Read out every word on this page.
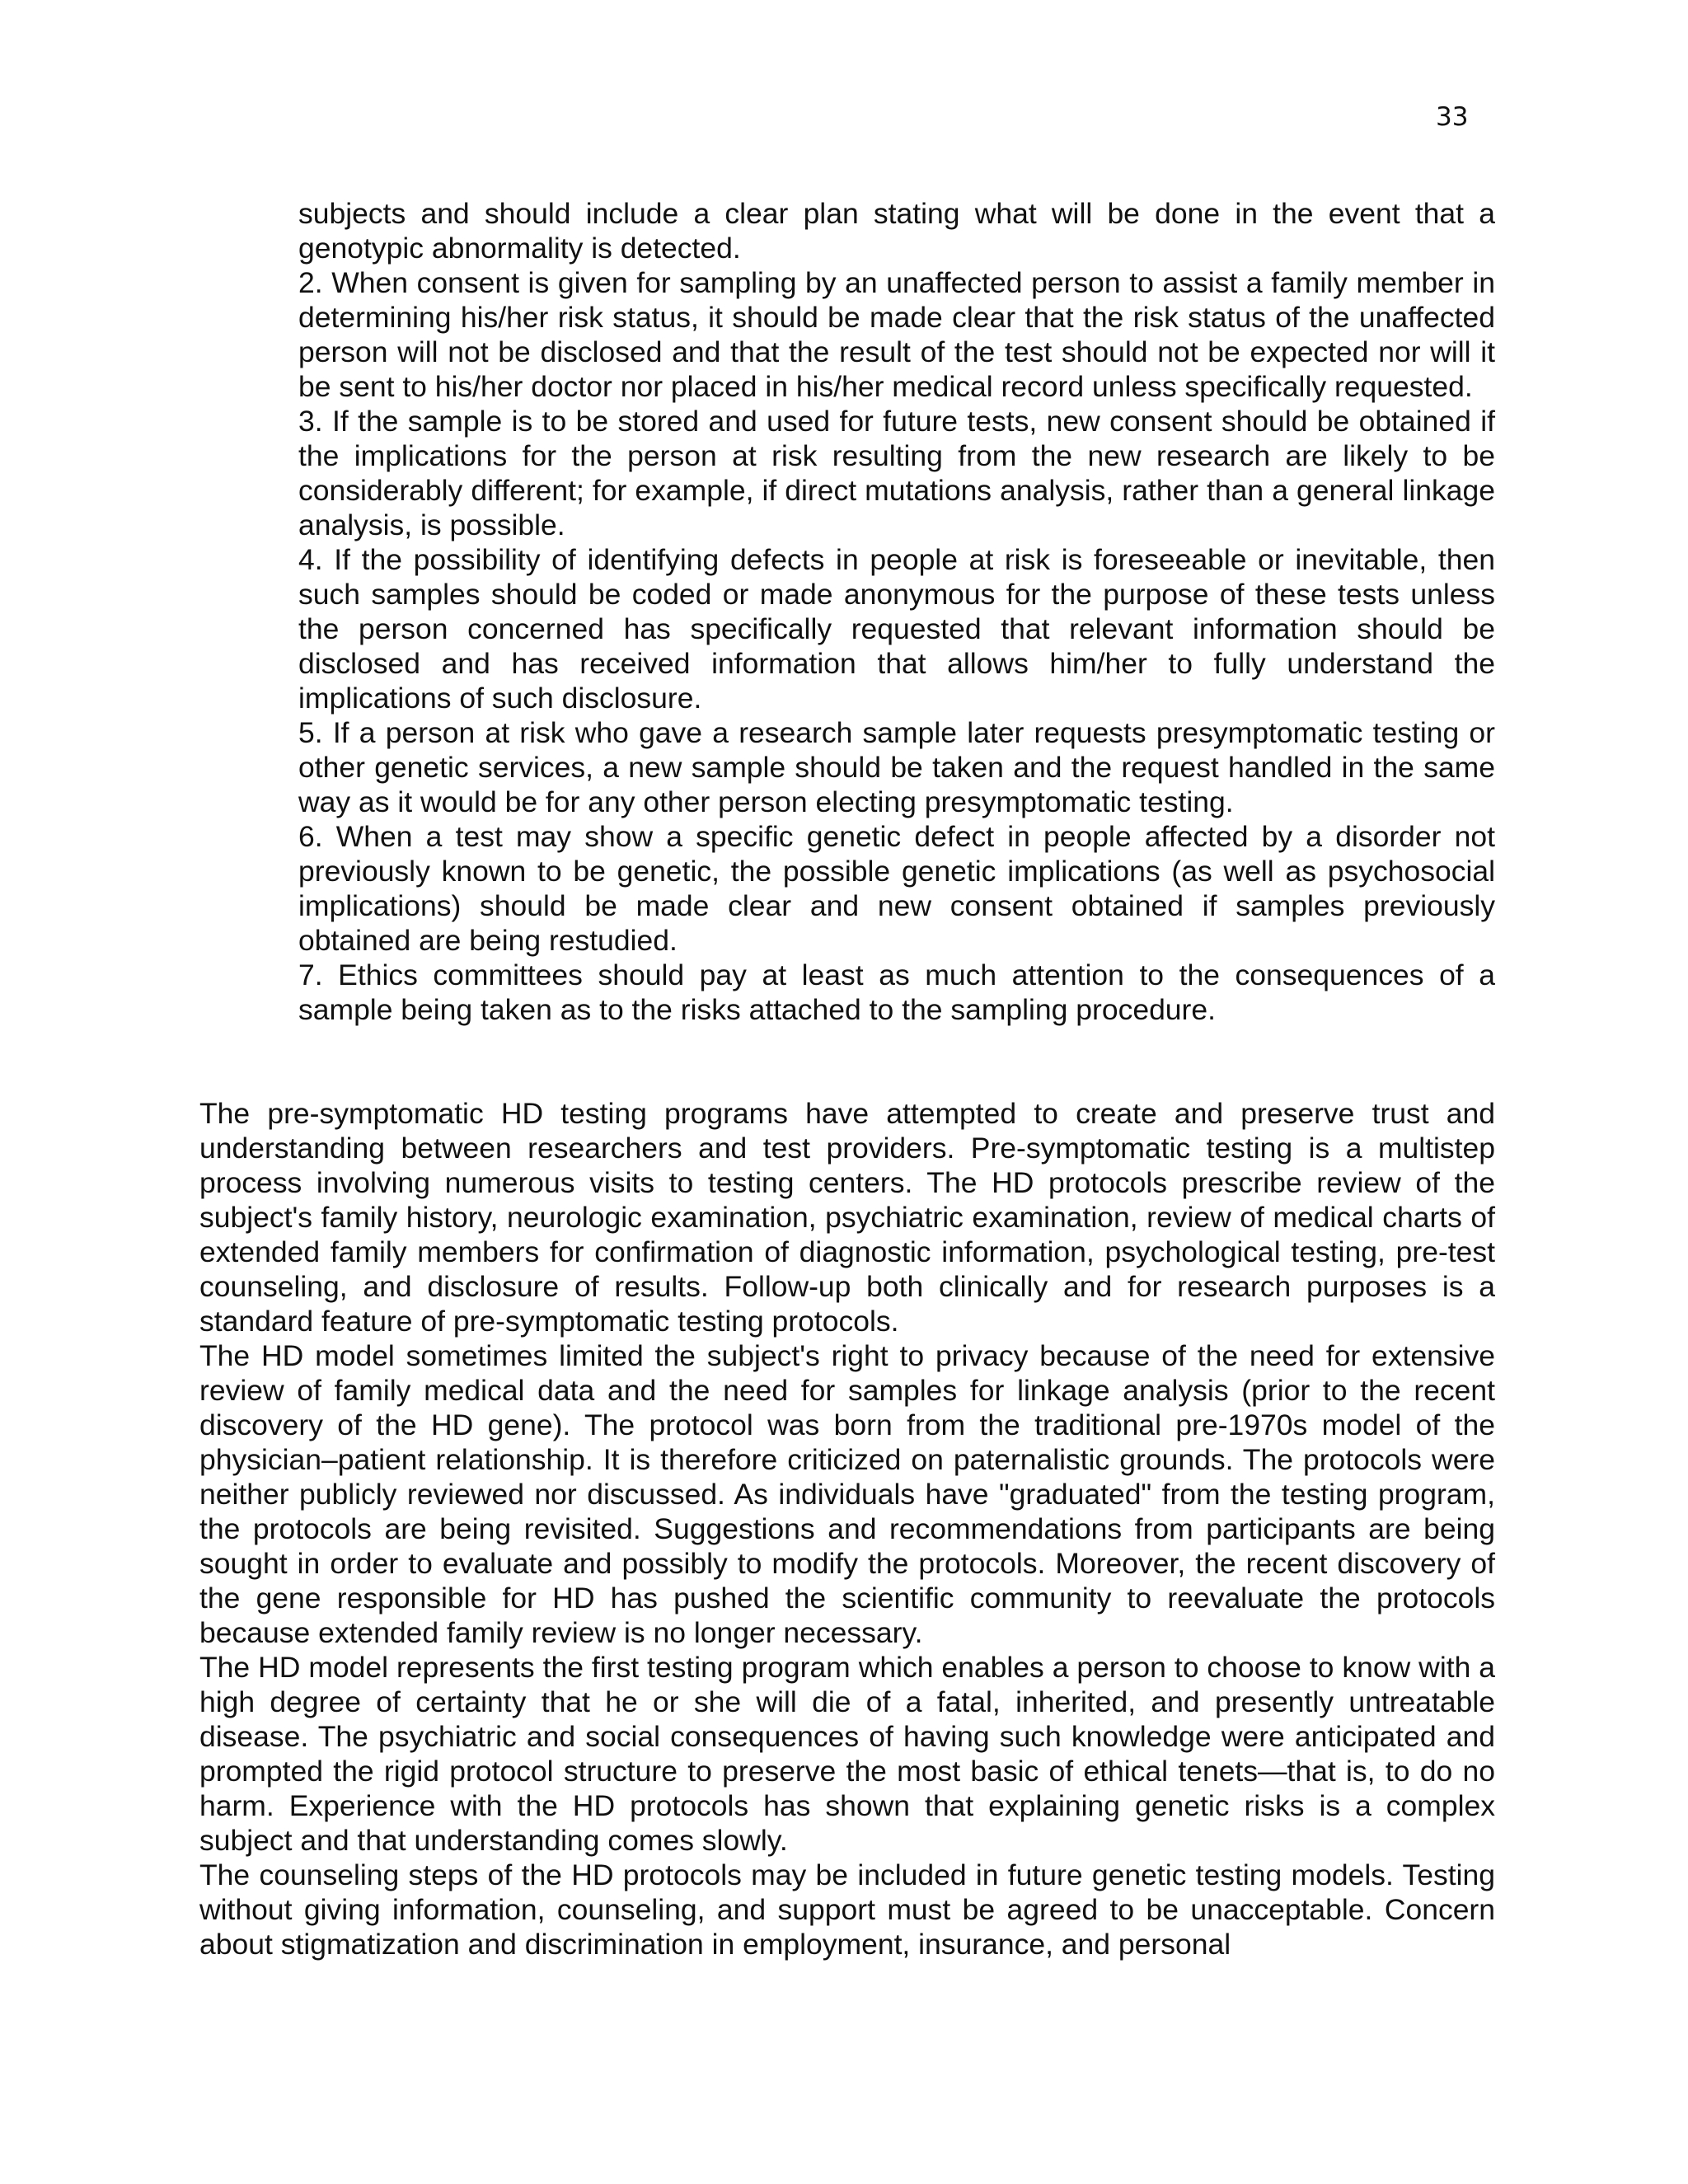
33

subjects and should include a clear plan stating what will be done in the event that a genotypic abnormality is detected.

2. When consent is given for sampling by an unaffected person to assist a family member in determining his/her risk status, it should be made clear that the risk status of the unaffected person will not be disclosed and that the result of the test should not be expected nor will it be sent to his/her doctor nor placed in his/her medical record unless specifically requested.

3. If the sample is to be stored and used for future tests, new consent should be obtained if the implications for the person at risk resulting from the new research are likely to be considerably different; for example, if direct mutations analysis, rather than a general linkage analysis, is possible.

4. If the possibility of identifying defects in people at risk is foreseeable or inevitable, then such samples should be coded or made anonymous for the purpose of these tests unless the person concerned has specifically requested that relevant information should be disclosed and has received information that allows him/her to fully understand the implications of such disclosure.

5. If a person at risk who gave a research sample later requests presymptomatic testing or other genetic services, a new sample should be taken and the request handled in the same way as it would be for any other person electing presymptomatic testing.

6. When a test may show a specific genetic defect in people affected by a disorder not previously known to be genetic, the possible genetic implications (as well as psychosocial implications) should be made clear and new consent obtained if samples previously obtained are being restudied.

7. Ethics committees should pay at least as much attention to the consequences of a sample being taken as to the risks attached to the sampling procedure.

The pre-symptomatic HD testing programs have attempted to create and preserve trust and understanding between researchers and test providers. Pre-symptomatic testing is a multistep process involving numerous visits to testing centers. The HD protocols prescribe review of the subject's family history, neurologic examination, psychiatric examination, review of medical charts of extended family members for confirmation of diagnostic information, psychological testing, pre-test counseling, and disclosure of results. Follow-up both clinically and for research purposes is a standard feature of pre-symptomatic testing protocols.

The HD model sometimes limited the subject's right to privacy because of the need for extensive review of family medical data and the need for samples for linkage analysis (prior to the recent discovery of the HD gene). The protocol was born from the traditional pre-1970s model of the physician–patient relationship. It is therefore criticized on paternalistic grounds. The protocols were neither publicly reviewed nor discussed. As individuals have "graduated" from the testing program, the protocols are being revisited. Suggestions and recommendations from participants are being sought in order to evaluate and possibly to modify the protocols. Moreover, the recent discovery of the gene responsible for HD has pushed the scientific community to reevaluate the protocols because extended family review is no longer necessary.

The HD model represents the first testing program which enables a person to choose to know with a high degree of certainty that he or she will die of a fatal, inherited, and presently untreatable disease. The psychiatric and social consequences of having such knowledge were anticipated and prompted the rigid protocol structure to preserve the most basic of ethical tenets—that is, to do no harm. Experience with the HD protocols has shown that explaining genetic risks is a complex subject and that understanding comes slowly.

The counseling steps of the HD protocols may be included in future genetic testing models. Testing without giving information, counseling, and support must be agreed to be unacceptable. Concern about stigmatization and discrimination in employment, insurance, and personal
